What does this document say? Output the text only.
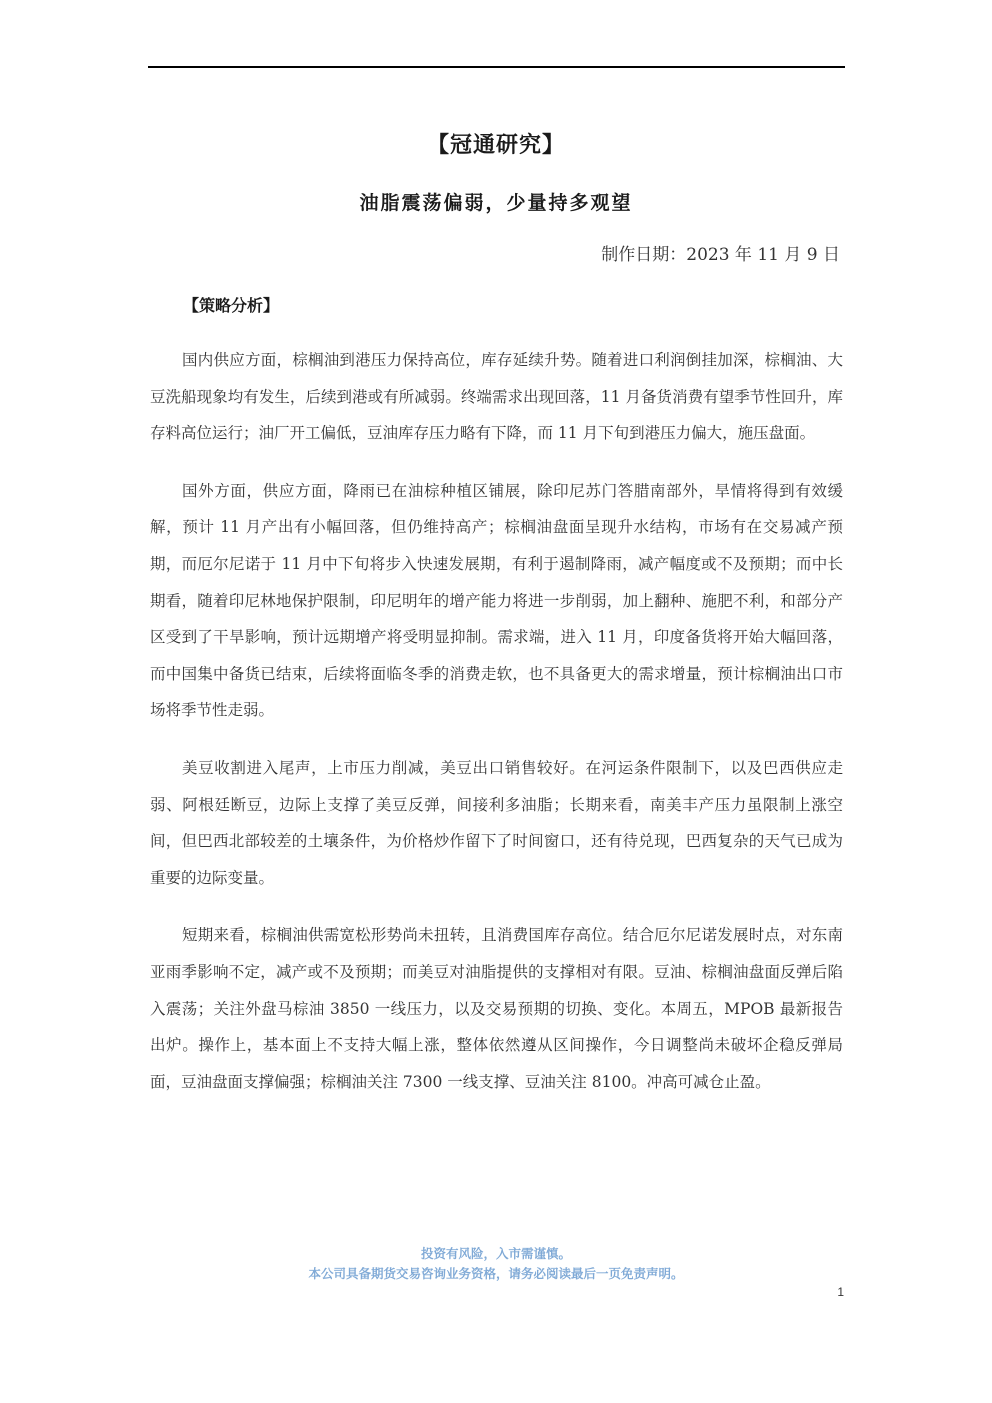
【冠通研究】
油脂震荡偏弱，少量持多观望
制作日期：2023 年 11 月 9 日
【策略分析】

国内供应方面，棕榈油到港压力保持高位，库存延续升势。随着进口利润倒挂加深，棕榈油、大豆洗船现象均有发生，后续到港或有所减弱。终端需求出现回落，11 月备货消费有望季节性回升，库存料高位运行；油厂开工偏低，豆油库存压力略有下降，而 11 月下旬到港压力偏大，施压盘面。

国外方面，供应方面，降雨已在油棕种植区铺展，除印尼苏门答腊南部外，旱情将得到有效缓解，预计 11 月产出有小幅回落，但仍维持高产；棕榈油盘面呈现升水结构，市场有在交易减产预期，而厄尔尼诺于 11 月中下旬将步入快速发展期，有利于遏制降雨，减产幅度或不及预期；而中长期看，随着印尼林地保护限制，印尼明年的增产能力将进一步削弱，加上翻种、施肥不利，和部分产区受到了干旱影响，预计远期增产将受明显抑制。需求端，进入 11 月，印度备货将开始大幅回落，而中国集中备货已结束，后续将面临冬季的消费走软，也不具备更大的需求增量，预计棕榈油出口市场将季节性走弱。

美豆收割进入尾声，上市压力削减，美豆出口销售较好。在河运条件限制下，以及巴西供应走弱、阿根廷断豆，边际上支撑了美豆反弹，间接利多油脂；长期来看，南美丰产压力虽限制上涨空间，但巴西北部较差的土壤条件，为价格炒作留下了时间窗口，还有待兑现，巴西复杂的天气已成为重要的边际变量。

短期来看，棕榈油供需宽松形势尚未扭转，且消费国库存高位。结合厄尔尼诺发展时点，对东南亚雨季影响不定，减产或不及预期；而美豆对油脂提供的支撑相对有限。豆油、棕榈油盘面反弹后陷入震荡；关注外盘马棕油 3850 一线压力，以及交易预期的切换、变化。本周五，MPOB 最新报告出炉。操作上，基本面上不支持大幅上涨，整体依然遵从区间操作，今日调整尚未破坏企稳反弹局面，豆油盘面支撑偏强；棕榈油关注 7300 一线支撑、豆油关注 8100。冲高可减仓止盈。

投资有风险，入市需谨慎。
本公司具备期货交易咨询业务资格，请务必阅读最后一页免责声明。
1
